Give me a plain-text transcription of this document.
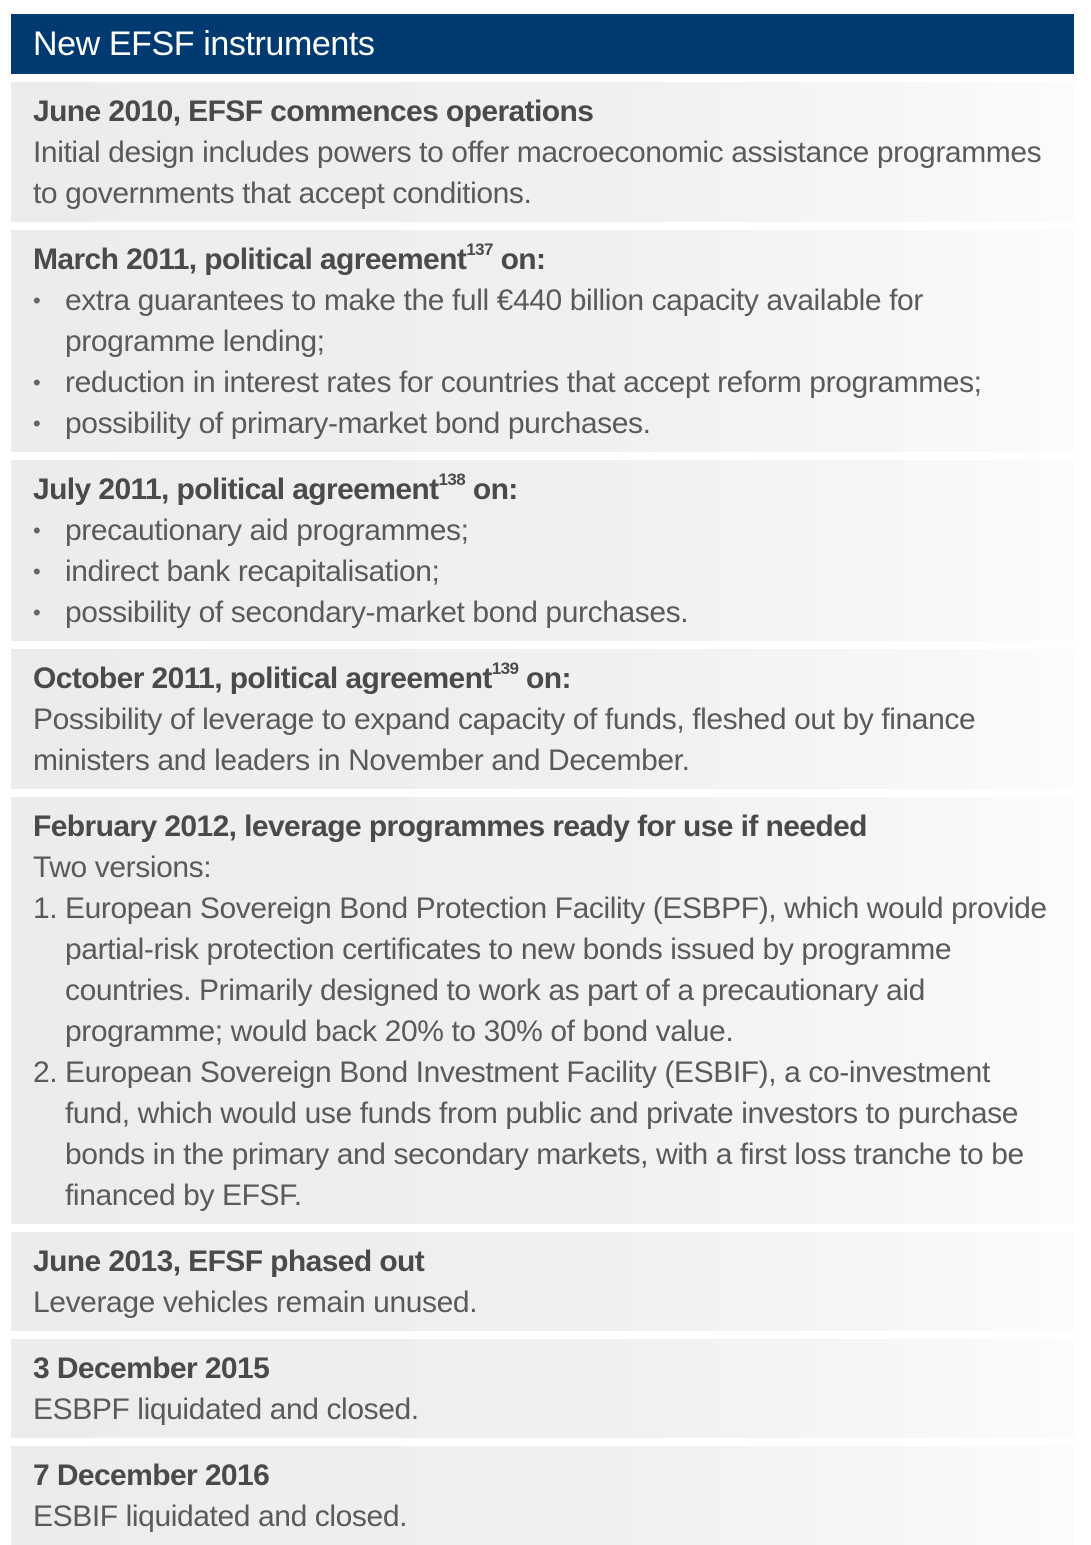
New EFSF instruments
June 2010, EFSF commences operations
Initial design includes powers to offer macroeconomic assistance programmes to governments that accept conditions.
March 2011, political agreement$^{137}$ on:
• extra guarantees to make the full €440 billion capacity available for programme lending;
• reduction in interest rates for countries that accept reform programmes;
• possibility of primary-market bond purchases.
July 2011, political agreement$^{138}$ on:
• precautionary aid programmes;
• indirect bank recapitalisation;
• possibility of secondary-market bond purchases.
October 2011, political agreement$^{139}$ on:
Possibility of leverage to expand capacity of funds, fleshed out by finance ministers and leaders in November and December.
February 2012, leverage programmes ready for use if needed
Two versions:
European Sovereign Bond Protection Facility (ESBPF), which would provide partial-risk protection certificates to new bonds issued by programme countries. Primarily designed to work as part of a precautionary aid programme; would back 20% to 30% of bond value.
European Sovereign Bond Investment Facility (ESBIF), a co-investment fund, which would use funds from public and private investors to purchase bonds in the primary and secondary markets, with a first loss tranche to be financed by EFSF.
June 2013, EFSF phased out
Leverage vehicles remain unused.
3 December 2015
ESBPF liquidated and closed.
7 December 2016
ESBIF liquidated and closed.
